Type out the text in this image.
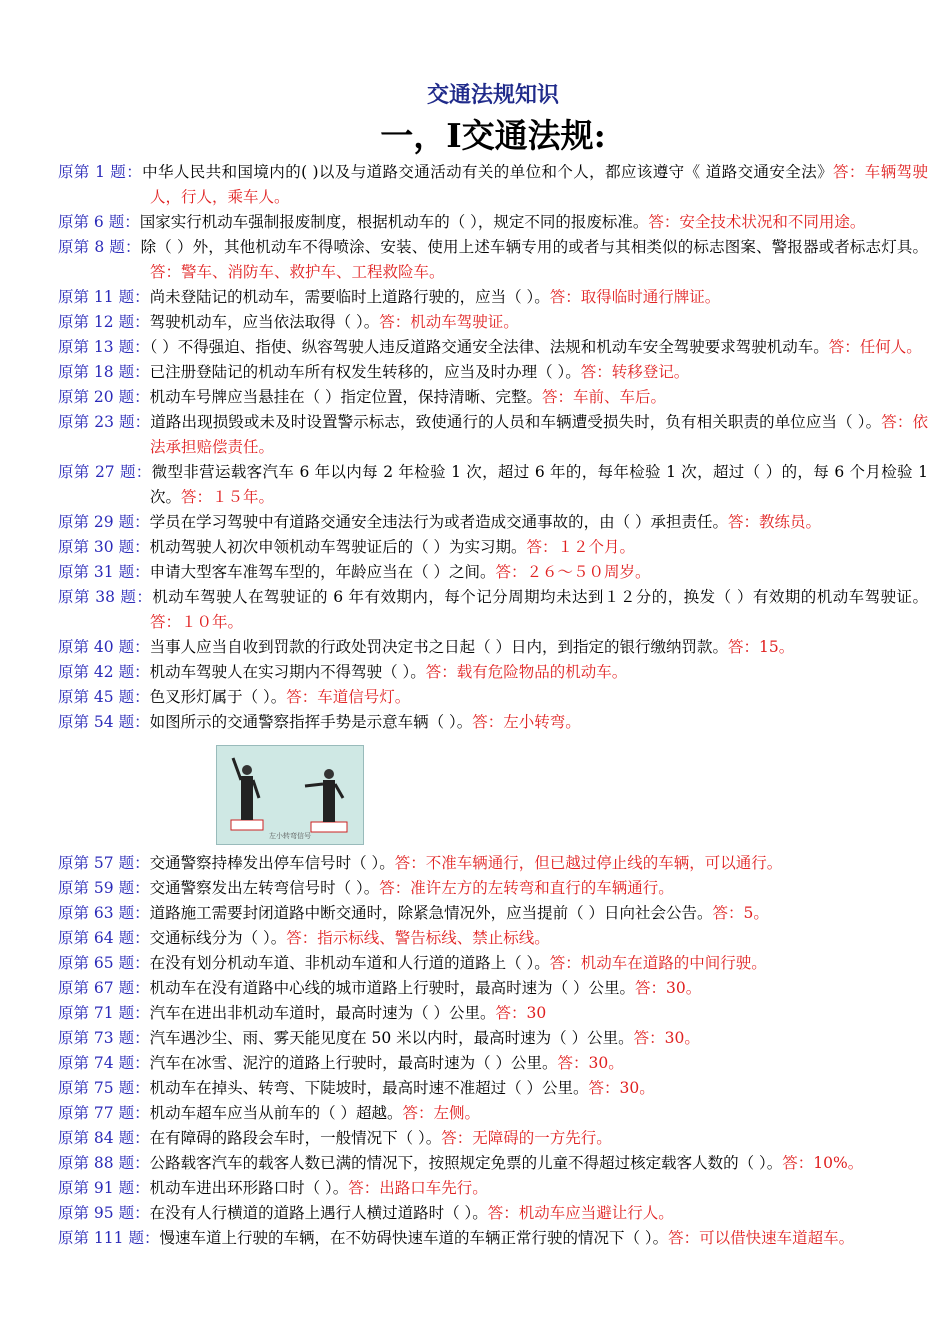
交通法规知识
一，Ⅰ交通法规:

原第 1 题：中华人民共和国境内的( )以及与道路交通活动有关的单位和个人，都应该遵守《 道路交通安全法》答：车辆驾驶人，行人，乘车人。

原第 6 题：国家实行机动车强制报废制度，根据机动车的（ ），规定不同的报废标准。答：安全技术状况和不同用途。

原第 8 题：除（ ）外，其他机动车不得喷涂、安装、使用上述车辆专用的或者与其相类似的标志图案、警报器或者标志灯具。答：警车、消防车、救护车、工程救险车。

原第 11 题：尚未登陆记的机动车，需要临时上道路行驶的，应当（ ）。答：取得临时通行牌证。

原第 12 题：驾驶机动车，应当依法取得（ ）。答：机动车驾驶证。

原第 13 题：（ ）不得强迫、指使、纵容驾驶人违反道路交通安全法律、法规和机动车安全驾驶要求驾驶机动车。答：任何人。

原第 18 题：已注册登陆记的机动车所有权发生转移的，应当及时办理（ ）。答：转移登记。

原第 20 题：机动车号牌应当悬挂在（ ）指定位置，保持清晰、完整。答：车前、车后。

原第 23 题：道路出现损毁或未及时设置警示标志，致使通行的人员和车辆遭受损失时，负有相关职责的单位应当（ ）。答：依法承担赔偿责任。

原第 27 题：微型非营运载客汽车 6 年以内每 2 年检验 1 次，超过 6 年的，每年检验 1 次，超过（ ）的，每 6 个月检验 1 次。答：１５年。

原第 29 题：学员在学习驾驶中有道路交通安全违法行为或者造成交通事故的，由（ ）承担责任。答：教练员。

原第 30 题：机动驾驶人初次申领机动车驾驶证后的（ ）为实习期。答：１２个月。

原第 31 题：申请大型客车准驾车型的，年龄应当在（ ）之间。答：２６～５０周岁。

原第 38 题：机动车驾驶人在驾驶证的 6 年有效期内，每个记分周期均未达到１２分的，换发（ ）有效期的机动车驾驶证。答：１０年。

原第 40 题：当事人应当自收到罚款的行政处罚决定书之日起（ ）日内，到指定的银行缴纳罚款。答：15。

原第 42 题：机动车驾驶人在实习期内不得驾驶（ ）。答：载有危险物品的机动车。

原第 45 题：色叉形灯属于（ ）。答：车道信号灯。

原第 54 题：如图所示的交通警察指挥手势是示意车辆（ ）。答：左小转弯。

左小转弯信号

原第 57 题：交通警察持棒发出停车信号时（ ）。答：不准车辆通行，但已越过停止线的车辆，可以通行。

原第 59 题：交通警察发出左转弯信号时（ ）。答：准许左方的左转弯和直行的车辆通行。

原第 63 题：道路施工需要封闭道路中断交通时，除紧急情况外，应当提前（ ）日向社会公告。答：5。

原第 64 题：交通标线分为（ ）。答：指示标线、警告标线、禁止标线。

原第 65 题：在没有划分机动车道、非机动车道和人行道的道路上（ ）。答：机动车在道路的中间行驶。

原第 67 题：机动车在没有道路中心线的城市道路上行驶时，最高时速为（ ）公里。答：30。

原第 71 题：汽车在进出非机动车道时，最高时速为（ ）公里。答：30

原第 73 题：汽车遇沙尘、雨、雾天能见度在 50 米以内时，最高时速为（ ）公里。答：30。

原第 74 题：汽车在冰雪、泥泞的道路上行驶时，最高时速为（ ）公里。答：30。

原第 75 题：机动车在掉头、转弯、下陡坡时，最高时速不准超过（ ）公里。答：30。

原第 77 题：机动车超车应当从前车的（ ）超越。答：左侧。

原第 84 题：在有障碍的路段会车时，一般情况下（ ）。答：无障碍的一方先行。

原第 88 题：公路载客汽车的载客人数已满的情况下，按照规定免票的儿童不得超过核定载客人数的（ ）。答：10%。

原第 91 题：机动车进出环形路口时（ ）。答：出路口车先行。

原第 95 题：在没有人行横道的道路上遇行人横过道路时（ ）。答：机动车应当避让行人。

原第 111 题：慢速车道上行驶的车辆，在不妨碍快速车道的车辆正常行驶的情况下（ ）。答：可以借快速车道超车。
